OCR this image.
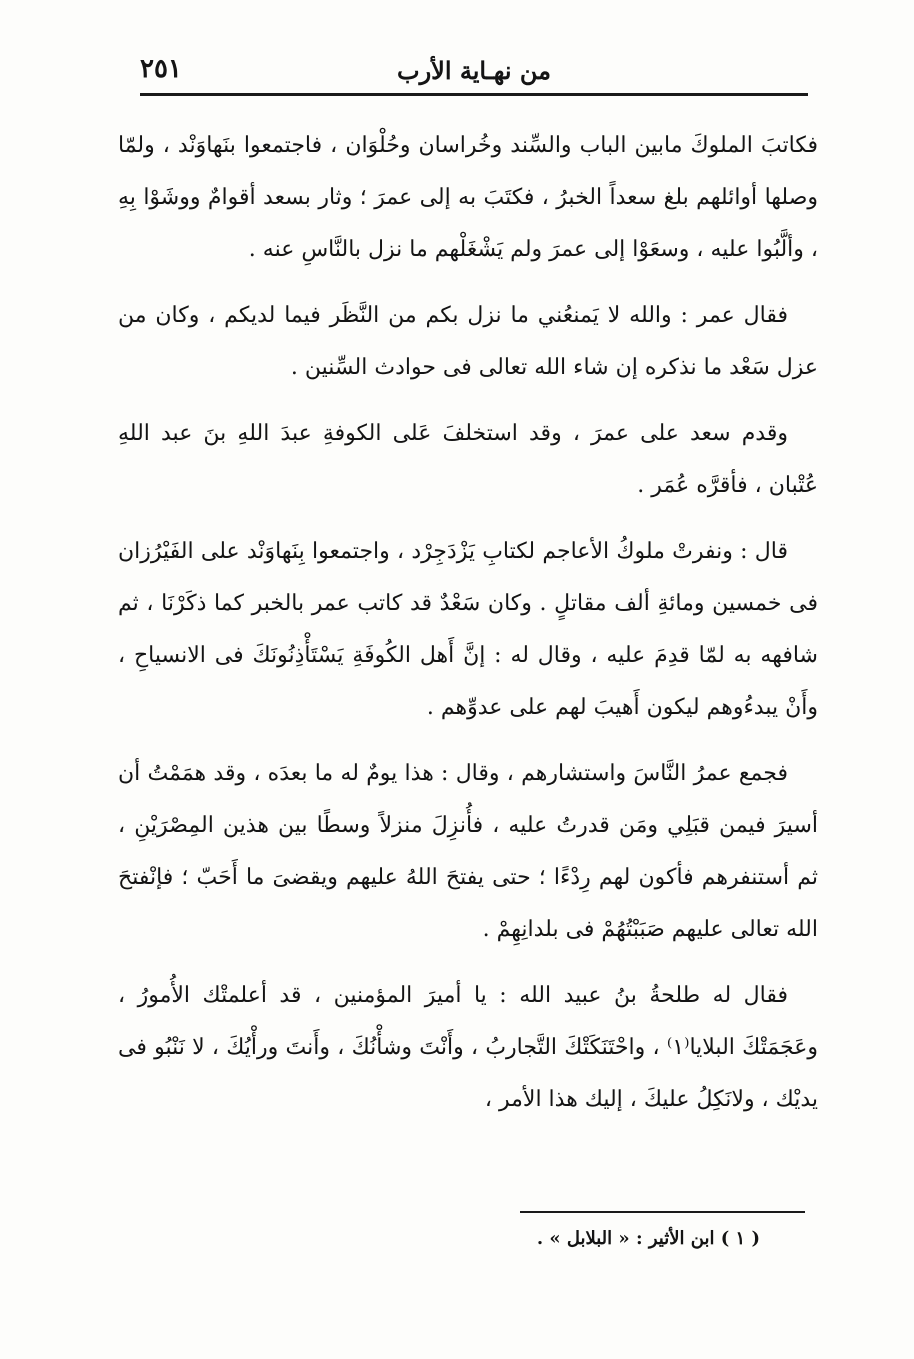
٢٥١	من نهـاية الأرب

فكاتبَ الملوكَ مابين الباب والسِّند وخُراسان وحُلْوَان ، فاجتمعوا بنَهاوَنْد ، ولمّا وصلها أوائلهم بلغ سعداً الخبرُ ، فكتَبَ به إلى عمرَ ؛ وثار بسعد أقوامٌ ووشَوْا بِهِ ، وألَّبُوا عليه ، وسعَوْا إلى عمرَ ولم يَشْغَلْهم ما نزل بالنَّاسِ عنه .

فقال عمر : والله لا يَمنعُني ما نزل بكم من النَّظَر فيما لديكم ، وكان من عزل سَعْد ما نذكره إن شاء الله تعالى فى حوادث السِّنين .

وقدم سعد على عمرَ ، وقد استخلفَ عَلى الكوفةِ عبدَ اللهِ بنَ عبد اللهِ عُتْبان ، فأقرَّه عُمَر .

قال : ونفرتْ ملوكُ الأعاجم لكتابِ يَزْدَجِرْد ، واجتمعوا بِنَهاوَنْد على الفَيْرُزان فى خمسين ومائةِ ألف مقاتلٍ . وكان سَعْدٌ قد كاتب عمر بالخبر كما ذكَرْنَا ، ثم شافهه به لمّا قدِمَ عليه ، وقال له : إنَّ أَهل الكُوفَةِ يَسْتَأْذِنُونَكَ فى الانسياحِ ، وأَنْ يبدءُوهم ليكون أَهيبَ لهم على عدوِّهم .

فجمع عمرُ النَّاسَ واستشارهم ، وقال : هذا يومٌ له ما بعدَه ، وقد همَمْتُ أن أسيرَ فيمن قبَلِي ومَن قدرتُ عليه ، فأُنزِلَ منزلاً وسطًا بين هذين المِصْرَيْنِ ، ثم أستنفرهم فأكون لهم رِدْءًا ؛ حتى يفتحَ اللهُ عليهم ويقضىَ ما أَحَبّ ؛ فإنْفتحَ الله تعالى عليهم صَبَبْتُهُمْ فى بلدانِهِمْ .

فقال له طلحةُ بنُ عبيد الله : يا أميرَ المؤمنين ، قد أعلمتْك الأُمورُ ، وعَجَمَتْكَ البلايا⁽١⁾ ، واحْتَنَكَتْكَ التَّجاربُ ، وأَنْتَ وشأْنُكَ ، وأَنتَ ورأْيُكَ ، لا نَنْبُو فى يديْك ، ولانَكِلُ عليكَ ، إليك هذا الأمر ،

( ١ ) ابن الأثير : « البلابل » .
